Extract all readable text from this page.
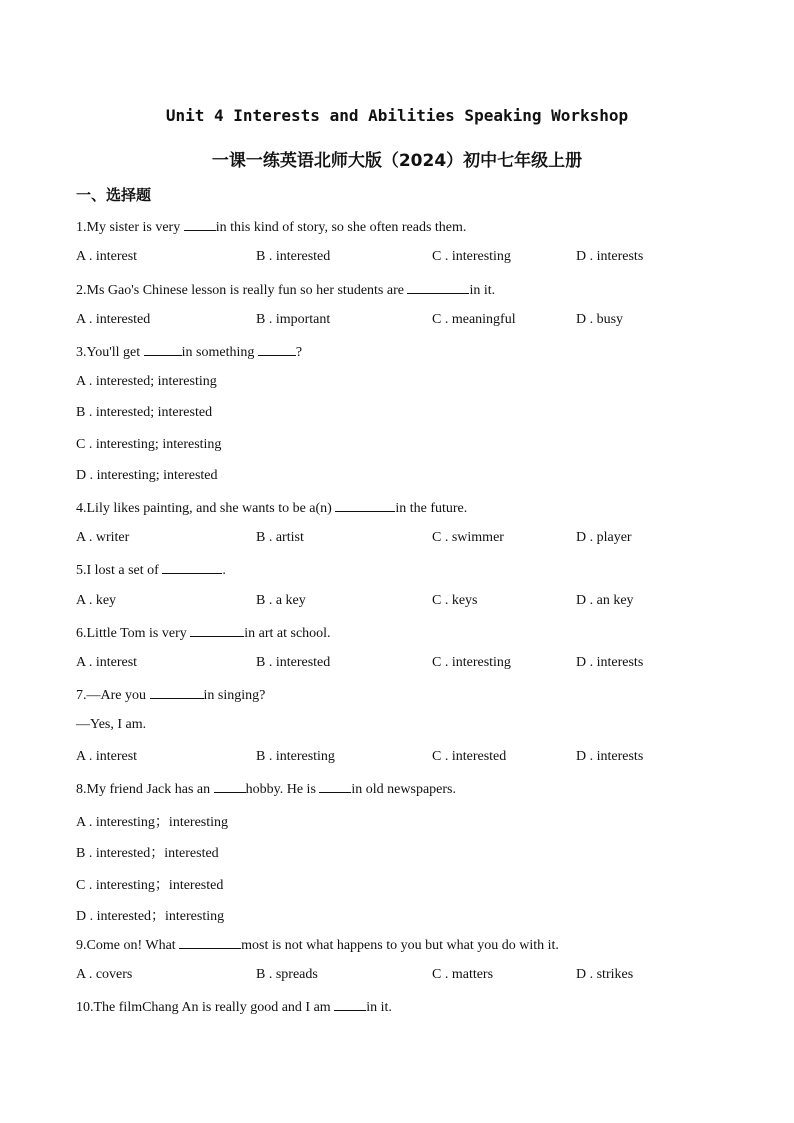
Unit 4 Interests and Abilities Speaking Workshop
一课一练英语北师大版（2024）初中七年级上册
一、选择题
1.My sister is very in this kind of story, so she often reads them.
A . interest	B . interested	C . interesting	D . interests
2.Ms Gao's Chinese lesson is really fun so her students are	in it.
A . interested	B . important	C . meaningful	D . busy
3.You'll get	in something	?
A . interested; interesting
B . interested; interested
C . interesting; interesting
D . interesting; interested
4.Lily likes painting, and she wants to be a(n)	in the future.
A . writer	B . artist	C . swimmer	D . player
5.I lost a set of	.
A . key	B . a key	C . keys	D . an key
6.Little Tom is very	in art at school.
A . interest	B . interested	C . interesting	D . interests
7.—Are you	in singing?
—Yes, I am.
A . interest	B . interesting	C . interested	D . interests
8.My friend Jack has an hobby. He is in old newspapers.
A . interesting；interesting
B . interested；interested
C . interesting；interested
D . interested；interesting
9.Come on! What	most is not what happens to you but what you do with it.
A . covers	B . spreads	C . matters	D . strikes
10.The filmChang An is really good and I am in it.
